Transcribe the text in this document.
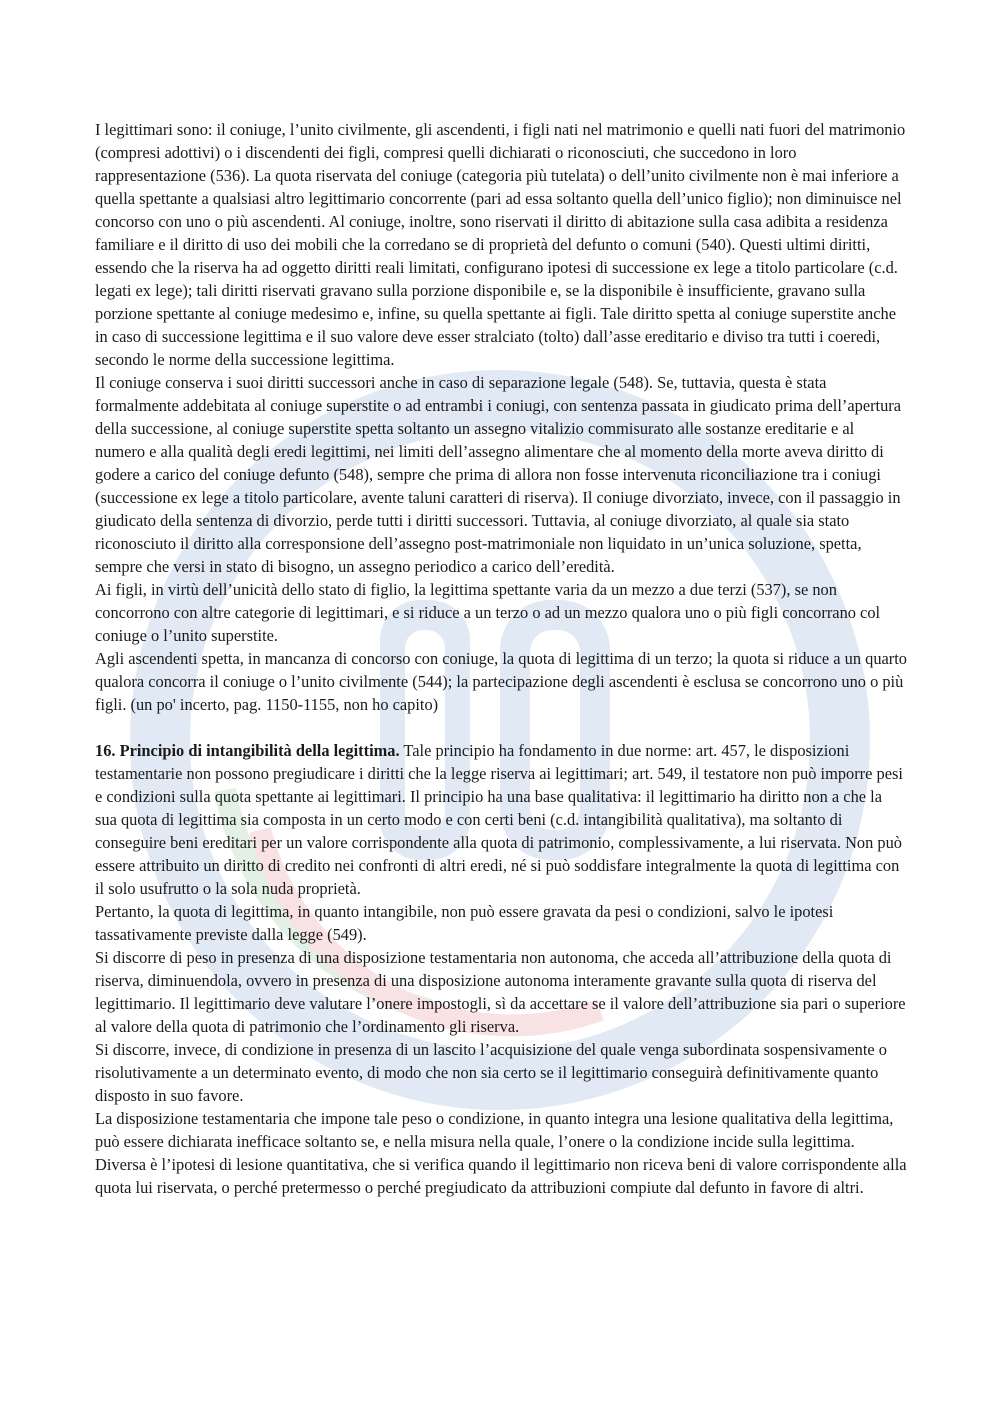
I legittimari sono: il coniuge, l’unito civilmente, gli ascendenti, i figli nati nel matrimonio e quelli nati fuori del matrimonio (compresi adottivi) o i discendenti dei figli, compresi quelli dichiarati o riconosciuti, che succedono in loro rappresentazione (536). La quota riservata del coniuge (categoria più tutelata) o dell’unito civilmente non è mai inferiore a quella spettante a qualsiasi altro legittimario concorrente (pari ad essa soltanto quella dell’unico figlio); non diminuisce nel concorso con uno o più ascendenti. Al coniuge, inoltre, sono riservati il diritto di abitazione sulla casa adibita a residenza familiare e il diritto di uso dei mobili che la corredano se di proprietà del defunto o comuni (540). Questi ultimi diritti, essendo che la riserva ha ad oggetto diritti reali limitati, configurano ipotesi di successione ex lege a titolo particolare (c.d. legati ex lege); tali diritti riservati gravano sulla porzione disponibile e, se la disponibile è insufficiente, gravano sulla porzione spettante al coniuge medesimo e, infine, su quella spettante ai figli. Tale diritto spetta al coniuge superstite anche in caso di successione legittima e il suo valore deve esser stralciato (tolto) dall’asse ereditario e diviso tra tutti i coeredi, secondo le norme della successione legittima.

Il coniuge conserva i suoi diritti successori anche in caso di separazione legale (548). Se, tuttavia, questa è stata formalmente addebitata al coniuge superstite o ad entrambi i coniugi, con sentenza passata in giudicato prima dell’apertura della successione, al coniuge superstite spetta soltanto un assegno vitalizio commisurato alle sostanze ereditarie e al numero e alla qualità degli eredi legittimi, nei limiti dell’assegno alimentare che al momento della morte aveva diritto di godere a carico del coniuge defunto (548), sempre che prima di allora non fosse intervenuta riconciliazione tra i coniugi (successione ex lege a titolo particolare, avente taluni caratteri di riserva). Il coniuge divorziato, invece, con il passaggio in giudicato della sentenza di divorzio, perde tutti i diritti successori. Tuttavia, al coniuge divorziato, al quale sia stato riconosciuto il diritto alla corresponsione dell’assegno post-matrimoniale non liquidato in un’unica soluzione, spetta, sempre che versi in stato di bisogno, un assegno periodico a carico dell’eredità.

Ai figli, in virtù dell’unicità dello stato di figlio, la legittima spettante varia da un mezzo a due terzi (537), se non concorrono con altre categorie di legittimari, e si riduce a un terzo o ad un mezzo qualora uno o più figli concorrano col coniuge o l’unito superstite.

Agli ascendenti spetta, in mancanza di concorso con coniuge, la quota di legittima di un terzo; la quota si riduce a un quarto qualora concorra il coniuge o l’unito civilmente (544); la partecipazione degli ascendenti è esclusa se concorrono uno o più figli. (un po' incerto, pag. 1150-1155, non ho capito)

16. Principio di intangibilità della legittima. Tale principio ha fondamento in due norme: art. 457, le disposizioni testamentarie non possono pregiudicare i diritti che la legge riserva ai legittimari; art. 549, il testatore non può imporre pesi e condizioni sulla quota spettante ai legittimari. Il principio ha una base qualitativa: il legittimario ha diritto non a che la sua quota di legittima sia composta in un certo modo e con certi beni (c.d. intangibilità qualitativa), ma soltanto di conseguire beni ereditari per un valore corrispondente alla quota di patrimonio, complessivamente, a lui riservata. Non può essere attribuito un diritto di credito nei confronti di altri eredi, né si può soddisfare integralmente la quota di legittima con il solo usufrutto o la sola nuda proprietà.

Pertanto, la quota di legittima, in quanto intangibile, non può essere gravata da pesi o condizioni, salvo le ipotesi tassativamente previste dalla legge (549).

Si discorre di peso in presenza di una disposizione testamentaria non autonoma, che acceda all’attribuzione della quota di riserva, diminuendola, ovvero in presenza di una disposizione autonoma interamente gravante sulla quota di riserva del legittimario. Il legittimario deve valutare l’onere impostogli, sì da accettare se il valore dell’attribuzione sia pari o superiore al valore della quota di patrimonio che l’ordinamento gli riserva.

Si discorre, invece, di condizione in presenza di un lascito l’acquisizione del quale venga subordinata sospensivamente o risolutivamente a un determinato evento, di modo che non sia certo se il legittimario conseguirà definitivamente quanto disposto in suo favore.

La disposizione testamentaria che impone tale peso o condizione, in quanto integra una lesione qualitativa della legittima, può essere dichiarata inefficace soltanto se, e nella misura nella quale, l’onere o la condizione incide sulla legittima. Diversa è l’ipotesi di lesione quantitativa, che si verifica quando il legittimario non riceva beni di valore corrispondente alla quota lui riservata, o perché pretermesso o perché pregiudicato da attribuzioni compiute dal defunto in favore di altri.
